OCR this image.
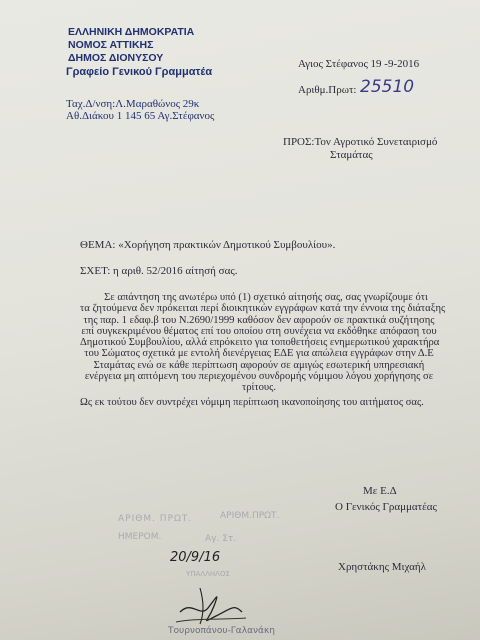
ΕΛΛΗΝΙΚΗ ΔΗΜΟΚΡΑΤΙΑ
ΝΟΜΟΣ ΑΤΤΙΚΗΣ
ΔΗΜΟΣ ΔΙΟΝΥΣΟΥ
Γραφείο Γενικού Γραμματέα
Αγιος Στέφανος 19 -9-2016
Αριθμ.Πρωτ: 25510
Ταχ.Δ/νση:Λ.Μαραθώνος 29κ
Αθ.Διάκου 1 145 65 Αγ.Στέφανος
ΠΡΟΣ:Τον Αγροτικό Συνεταιρισμό
Σταμάτας
ΘΕΜΑ: «Χορήγηση πρακτικών Δημοτικού Συμβουλίου».
ΣΧΕΤ: η αριθ. 52/2016 αίτησή σας.
Σε απάντηση της ανωτέρω υπό (1) σχετικό αίτησής σας, σας γνωρίζουμε ότι
τα ζητούμενα δεν πρόκειται περί διοικητικών εγγράφων κατά την έννοια της διάταξης
της παρ. 1 εδαφ.β του Ν.2690/1999 καθόσον δεν αφορούν σε πρακτικά συζήτησης
επί συγκεκριμένου θέματος επί του οποίου στη συνέχεια να εκδόθηκε απόφαση του
Δημοτικού Συμβουλίου, αλλά επρόκειτο για τοποθετήσεις ενημερωτικού χαρακτήρα
του Σώματος σχετικά με εντολή διενέργειας ΕΔΕ για απώλεια εγγράφων στην Δ.Ε
Σταμάτας ενώ σε κάθε περίπτωση αφορούν σε αμιγώς εσωτερική υπηρεσιακή
ενέργεια μη απτόμενη του περιεχομένου συνδρομής νόμιμου λόγου χορήγησης σε
τρίτους.
Ως εκ τούτου δεν συντρέχει νόμιμη περίπτωση ικανοποίησης του αιτήματος σας.
Με Ε.Δ
Ο Γενικός Γραμματέας
ΑΡΙΘΜ. ΠΡΩΤ.	ΑΡΙΘΜ.ΠΡΩΤ.
ΗΜΕΡΟΜ.	Αγ. Στ.
ΥΠΑΛΛΗΛΟΣ
20/9/16
Χρηστάκης Μιχαήλ
Τουρνοπάνου-Γαλανάκη
